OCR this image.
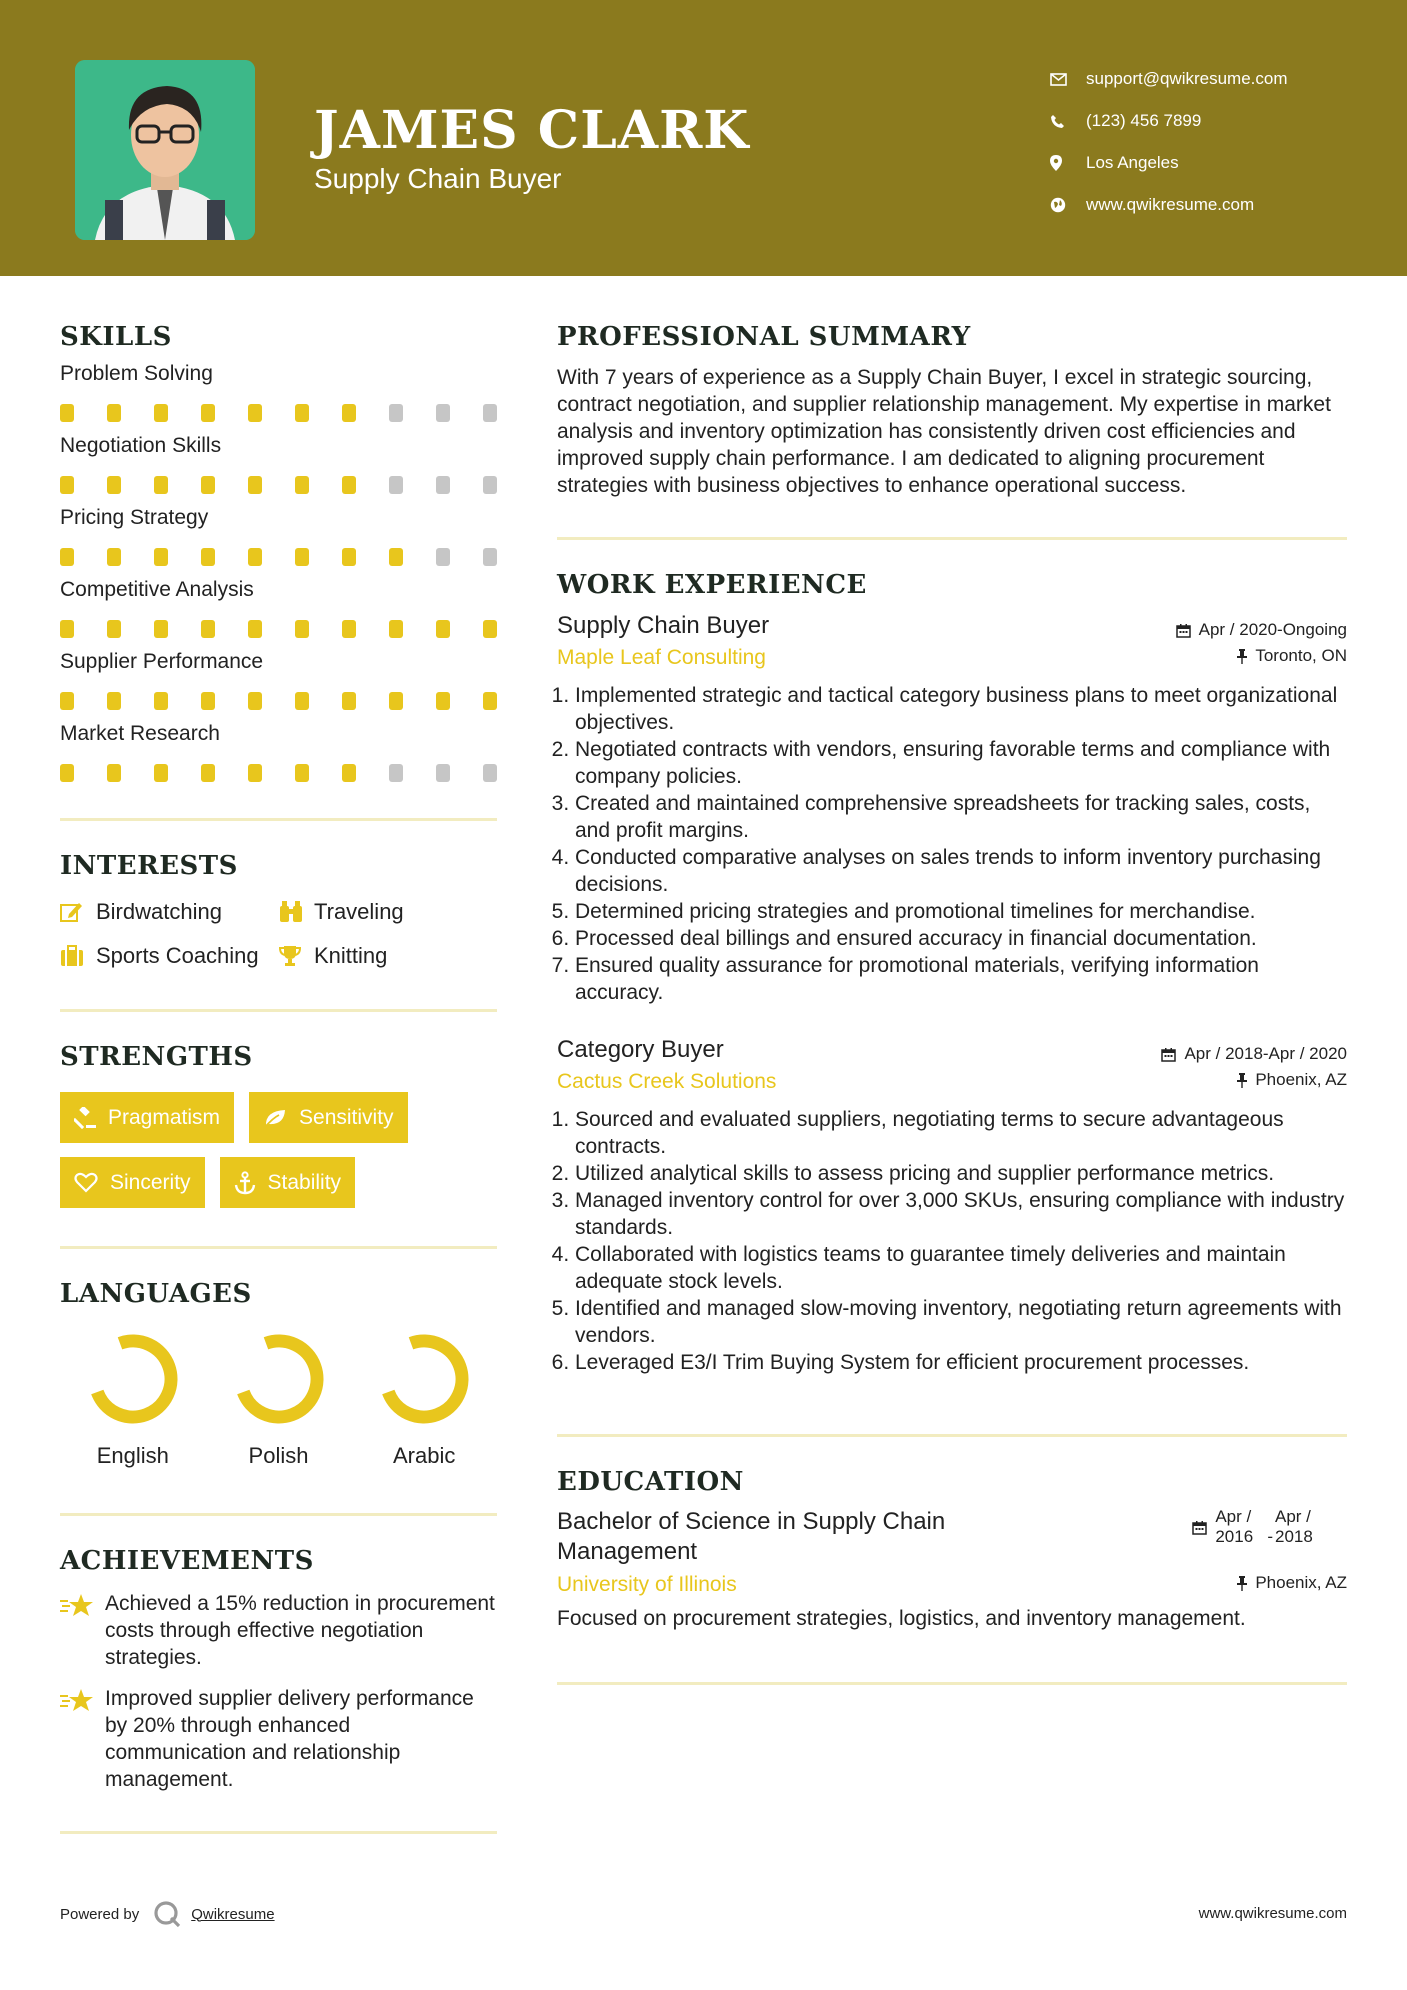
JAMES CLARK
Supply Chain Buyer
support@qwikresume.com
(123) 456 7899
Los Angeles
www.qwikresume.com
SKILLS
Problem Solving
Negotiation Skills
Pricing Strategy
Competitive Analysis
Supplier Performance
Market Research
INTERESTS
Birdwatching	Traveling
Sports Coaching	Knitting
STRENGTHS
Pragmatism	Sensitivity
Sincerity	Stability
LANGUAGES
English	Polish	Arabic
ACHIEVEMENTS
Achieved a 15% reduction in procurement costs through effective negotiation strategies.
Improved supplier delivery performance by 20% through enhanced communication and relationship management.
PROFESSIONAL SUMMARY
With 7 years of experience as a Supply Chain Buyer, I excel in strategic sourcing, contract negotiation, and supplier relationship management. My expertise in market analysis and inventory optimization has consistently driven cost efficiencies and improved supply chain performance. I am dedicated to aligning procurement strategies with business objectives to enhance operational success.
WORK EXPERIENCE
Supply Chain Buyer	Apr / 2020-Ongoing
Maple Leaf Consulting	Toronto, ON
1. Implemented strategic and tactical category business plans to meet organizational objectives.
2. Negotiated contracts with vendors, ensuring favorable terms and compliance with company policies.
3. Created and maintained comprehensive spreadsheets for tracking sales, costs, and profit margins.
4. Conducted comparative analyses on sales trends to inform inventory purchasing decisions.
5. Determined pricing strategies and promotional timelines for merchandise.
6. Processed deal billings and ensured accuracy in financial documentation.
7. Ensured quality assurance for promotional materials, verifying information accuracy.
Category Buyer	Apr / 2018-Apr / 2020
Cactus Creek Solutions	Phoenix, AZ
1. Sourced and evaluated suppliers, negotiating terms to secure advantageous contracts.
2. Utilized analytical skills to assess pricing and supplier performance metrics.
3. Managed inventory control for over 3,000 SKUs, ensuring compliance with industry standards.
4. Collaborated with logistics teams to guarantee timely deliveries and maintain adequate stock levels.
5. Identified and managed slow-moving inventory, negotiating return agreements with vendors.
6. Leveraged E3/I Trim Buying System for efficient procurement processes.
EDUCATION
Bachelor of Science in Supply Chain Management
Apr / 2016 -
Apr / 2018
University of Illinois	Phoenix, AZ
Focused on procurement strategies, logistics, and inventory management.
Powered by	Qwikresume	www.qwikresume.com
